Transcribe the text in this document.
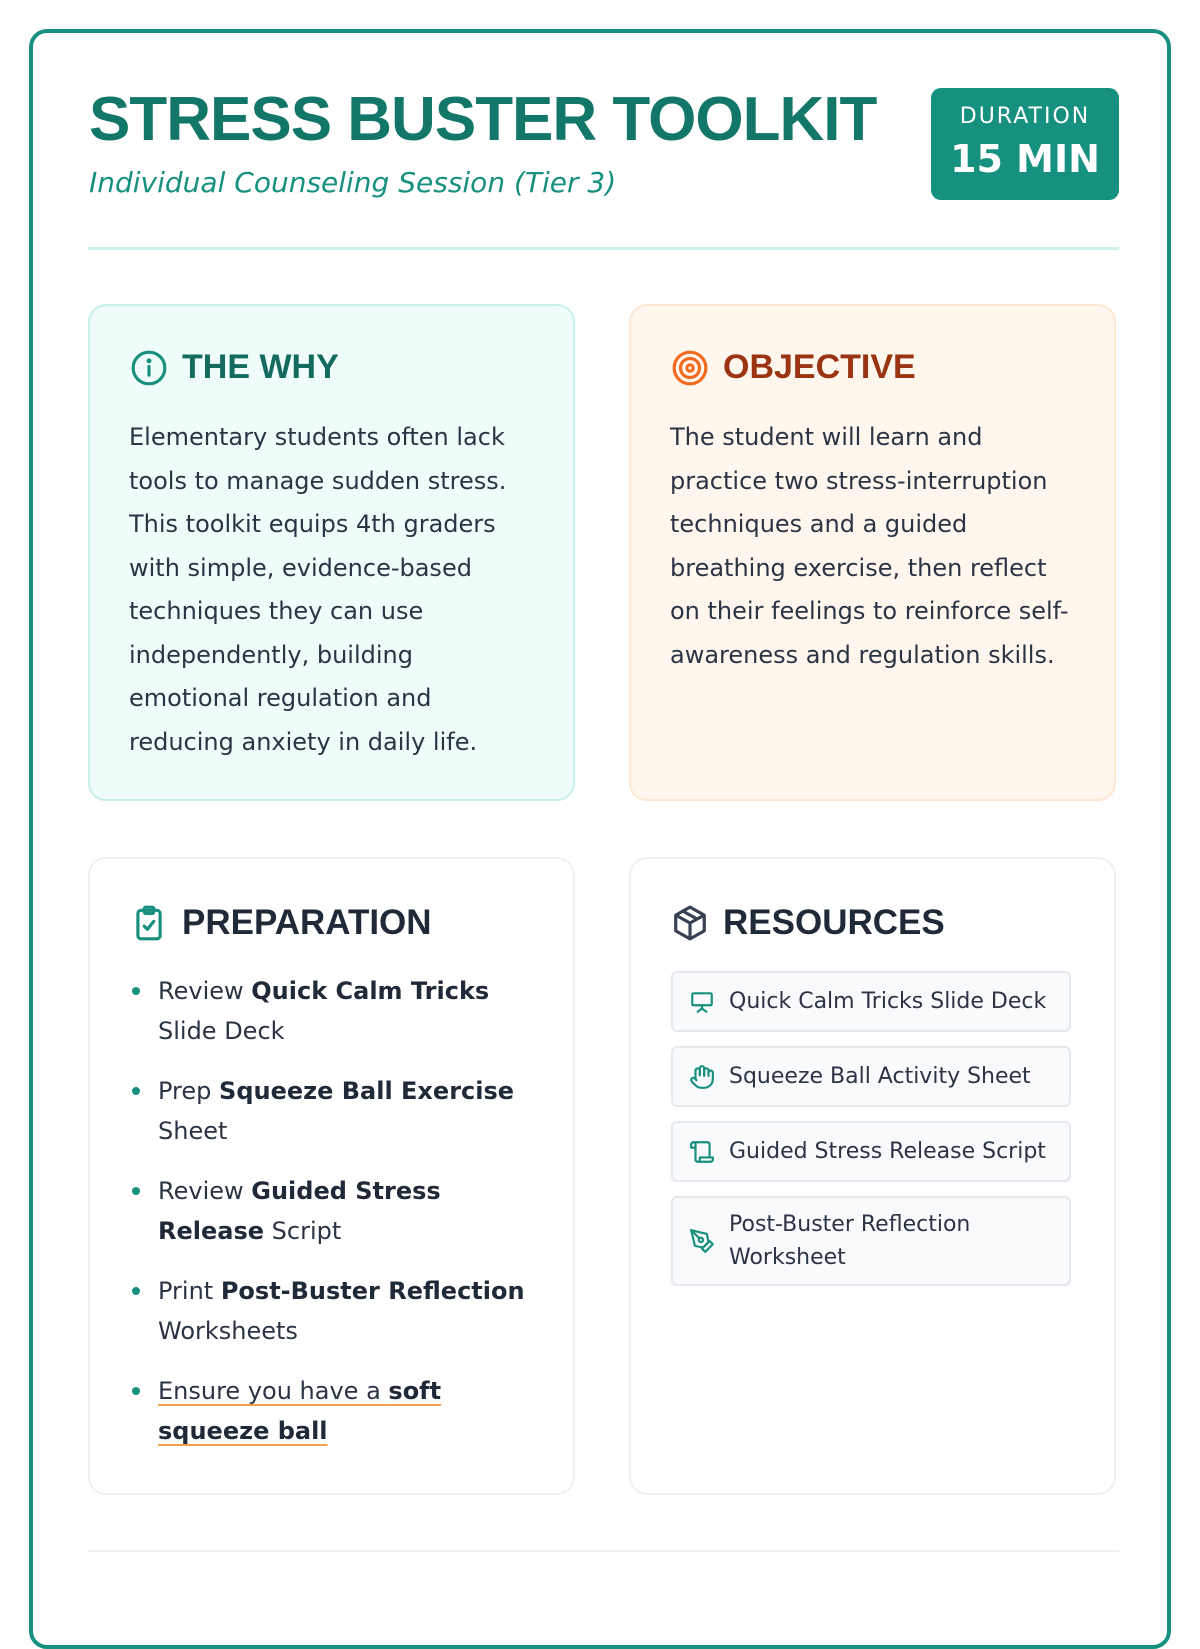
STRESS BUSTER TOOLKIT
Individual Counseling Session (Tier 3)
DURATION
15 MIN
THE WHY

Elementary students often lack tools to manage sudden stress. This toolkit equips 4th graders with simple, evidence-based techniques they can use independently, building emotional regulation and reducing anxiety in daily life.

OBJECTIVE

The student will learn and practice two stress-interruption techniques and a guided breathing exercise, then reflect on their feelings to reinforce self-awareness and regulation skills.

PREPARATION
Review Quick Calm Tricks Slide Deck
Prep Squeeze Ball Exercise Sheet
Review Guided Stress Release Script
Print Post-Buster Reflection Worksheets
Ensure you have a soft squeeze ball
RESOURCES
Quick Calm Tricks Slide Deck
Squeeze Ball Activity Sheet
Guided Stress Release Script
Post-Buster Reflection Worksheet
